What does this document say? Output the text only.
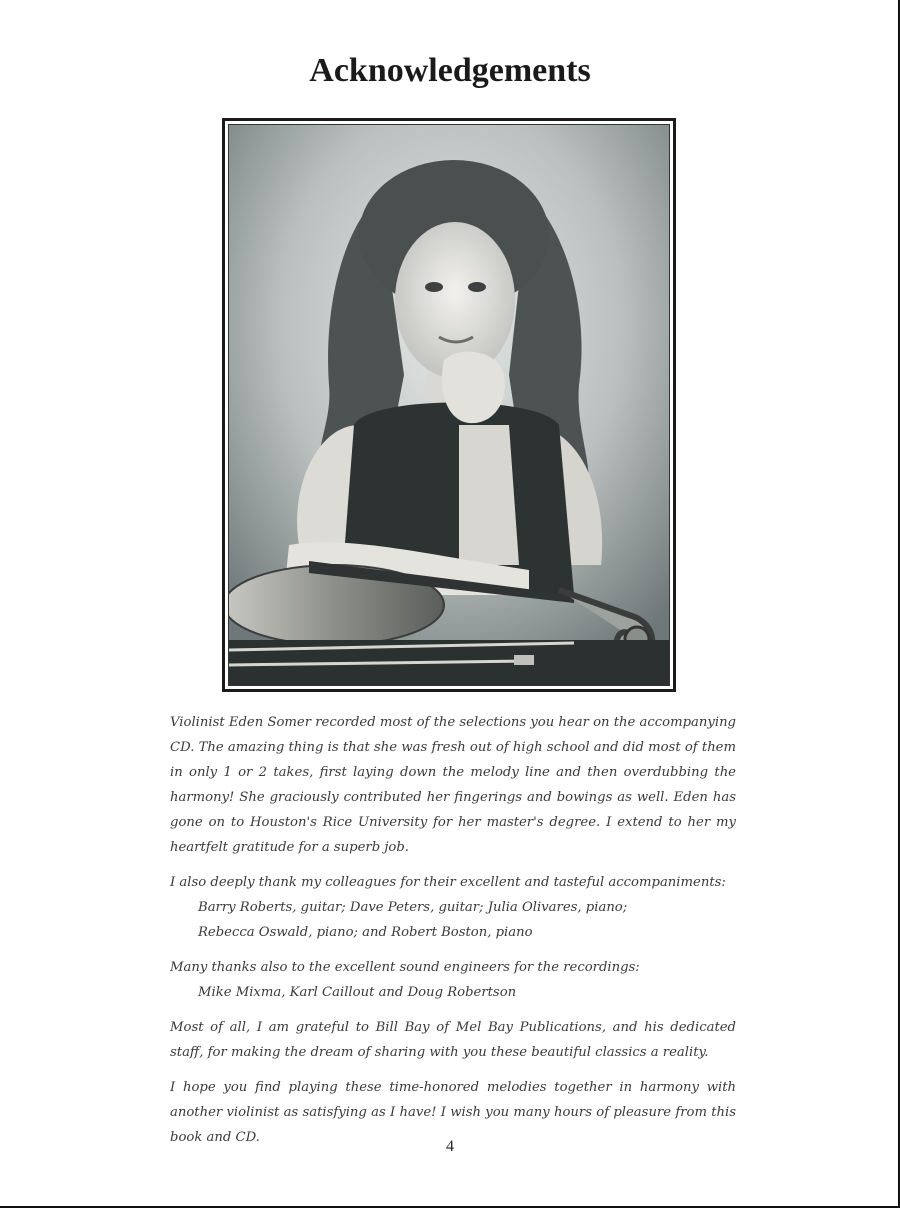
Acknowledgements

Violinist Eden Somer recorded most of the selections you hear on the accompanying CD. The amazing thing is that she was fresh out of high school and did most of them in only 1 or 2 takes, first laying down the melody line and then overdubbing the harmony! She graciously contributed her fingerings and bowings as well. Eden has gone on to Houston's Rice University for her master's degree. I extend to her my heartfelt gratitude for a superb job.

I also deeply thank my colleagues for their excellent and tasteful accompaniments:
Barry Roberts, guitar; Dave Peters, guitar; Julia Olivares, piano;
Rebecca Oswald, piano; and Robert Boston, piano

Many thanks also to the excellent sound engineers for the recordings:
Mike Mixma, Karl Caillout and Doug Robertson

Most of all, I am grateful to Bill Bay of Mel Bay Publications, and his dedicated staff, for making the dream of sharing with you these beautiful classics a reality.

I hope you find playing these time-honored melodies together in harmony with another violinist as satisfying as I have! I wish you many hours of pleasure from this book and CD.

4
